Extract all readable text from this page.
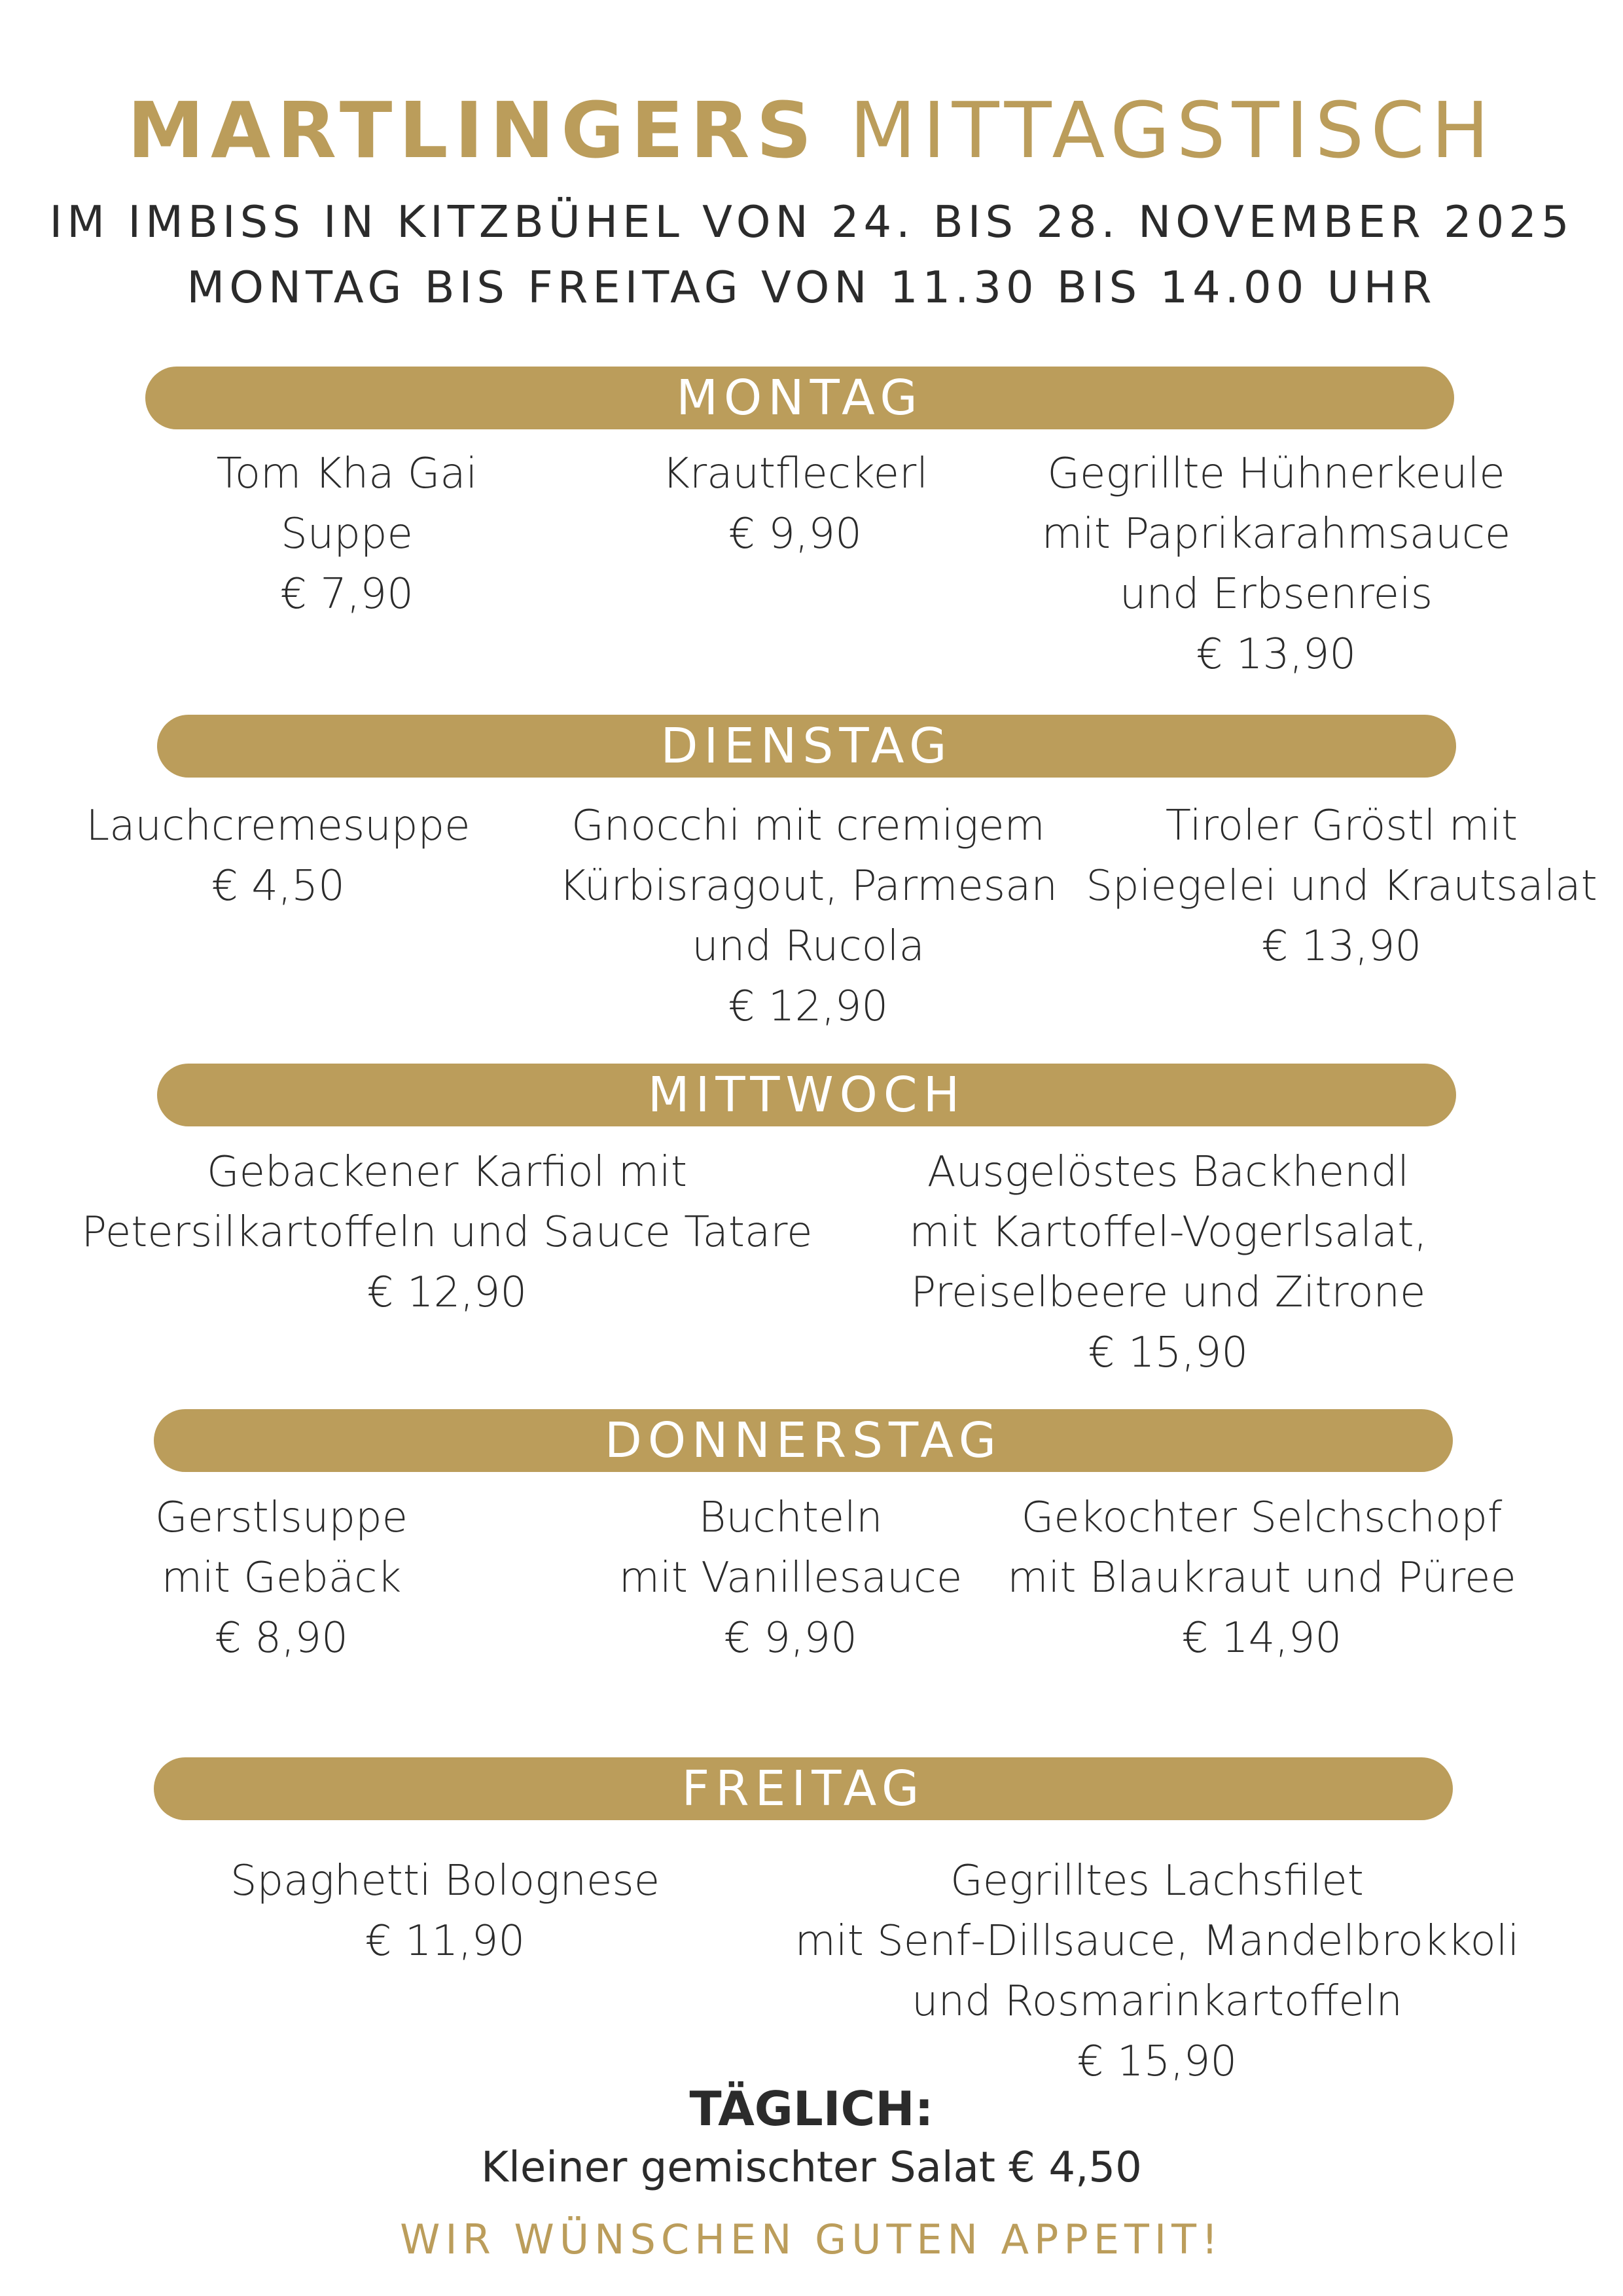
MARTLINGERS MITTAGSTISCH
IM IMBISS IN KITZBÜHEL VON 24. BIS 28. NOVEMBER 2025
MONTAG BIS FREITAG VON 11.30 BIS 14.00 UHR
MONTAG
Tom Kha Gai
Suppe
€ 7,90
Krautfleckerl
€ 9,90
Gegrillte Hühnerkeule
mit Paprikarahmsauce
und Erbsenreis
€ 13,90
DIENSTAG
Lauchcremesuppe
€ 4,50
Gnocchi mit cremigem
Kürbisragout, Parmesan
und Rucola
€ 12,90
Tiroler Gröstl mit
Spiegelei und Krautsalat
€ 13,90
MITTWOCH
Gebackener Karfiol mit
Petersilkartoffeln und Sauce Tatare
€ 12,90
Ausgelöstes Backhendl
mit Kartoffel-Vogerlsalat,
Preiselbeere und Zitrone
€ 15,90
DONNERSTAG
Gerstlsuppe
mit Gebäck
€ 8,90
Buchteln
mit Vanillesauce
€ 9,90
Gekochter Selchschopf
mit Blaukraut und Püree
€ 14,90
FREITAG
Spaghetti Bolognese
€ 11,90
Gegrilltes Lachsfilet
mit Senf-Dillsauce, Mandelbrokkoli
und Rosmarinkartoffeln
€ 15,90
TÄGLICH:
Kleiner gemischter Salat € 4,50
WIR WÜNSCHEN GUTEN APPETIT!
